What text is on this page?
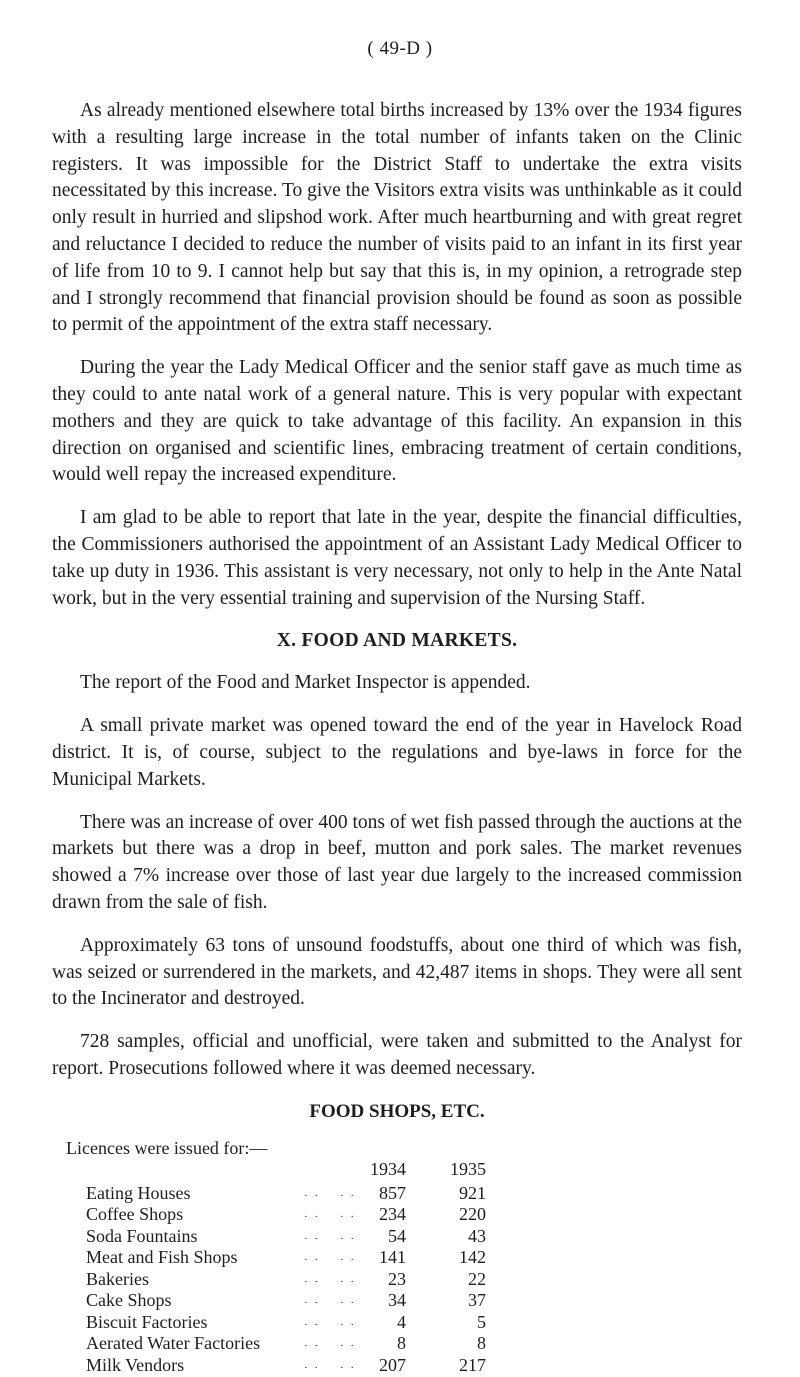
( 49-D )

As already mentioned elsewhere total births increased by 13% over the 1934 figures with a resulting large increase in the total number of infants taken on the Clinic registers. It was impossible for the District Staff to undertake the extra visits necessitated by this increase. To give the Visitors extra visits was unthinkable as it could only result in hurried and slipshod work. After much heartburning and with great regret and reluctance I decided to reduce the number of visits paid to an infant in its first year of life from 10 to 9. I cannot help but say that this is, in my opinion, a retrograde step and I strongly recommend that financial provision should be found as soon as possible to permit of the appointment of the extra staff necessary.

During the year the Lady Medical Officer and the senior staff gave as much time as they could to ante natal work of a general nature. This is very popular with expectant mothers and they are quick to take advantage of this facility. An expansion in this direction on organised and scientific lines, embracing treatment of certain conditions, would well repay the increased expenditure.

I am glad to be able to report that late in the year, despite the financial difficulties, the Commissioners authorised the appointment of an Assistant Lady Medical Officer to take up duty in 1936. This assistant is very necessary, not only to help in the Ante Natal work, but in the very essential training and supervision of the Nursing Staff.

X. FOOD AND MARKETS.

The report of the Food and Market Inspector is appended.

A small private market was opened toward the end of the year in Havelock Road district. It is, of course, subject to the regulations and bye-laws in force for the Municipal Markets.

There was an increase of over 400 tons of wet fish passed through the auctions at the markets but there was a drop in beef, mutton and pork sales. The market revenues showed a 7% increase over those of last year due largely to the increased commission drawn from the sale of fish.

Approximately 63 tons of unsound foodstuffs, about one third of which was fish, was seized or surrendered in the markets, and 42,487 items in shops. They were all sent to the Incinerator and destroyed.

728 samples, official and unofficial, were taken and submitted to the Analyst for report. Prosecutions followed where it was deemed necessary.

FOOD SHOPS, ETC.
Licences were issued for:—
1934	1935
Eating Houses	· ·	· ·	857	921
Coffee Shops	· ·	· ·	234	220
Soda Fountains	· ·	· ·	54	43
Meat and Fish Shops	· ·	· ·	141	142
Bakeries	· ·	· ·	23	22
Cake Shops	· ·	· ·	34	37
Biscuit Factories	· ·	· ·	4	5
Aerated Water Factories	· ·	· ·	8	8
Milk Vendors	· ·	· ·	207	217
